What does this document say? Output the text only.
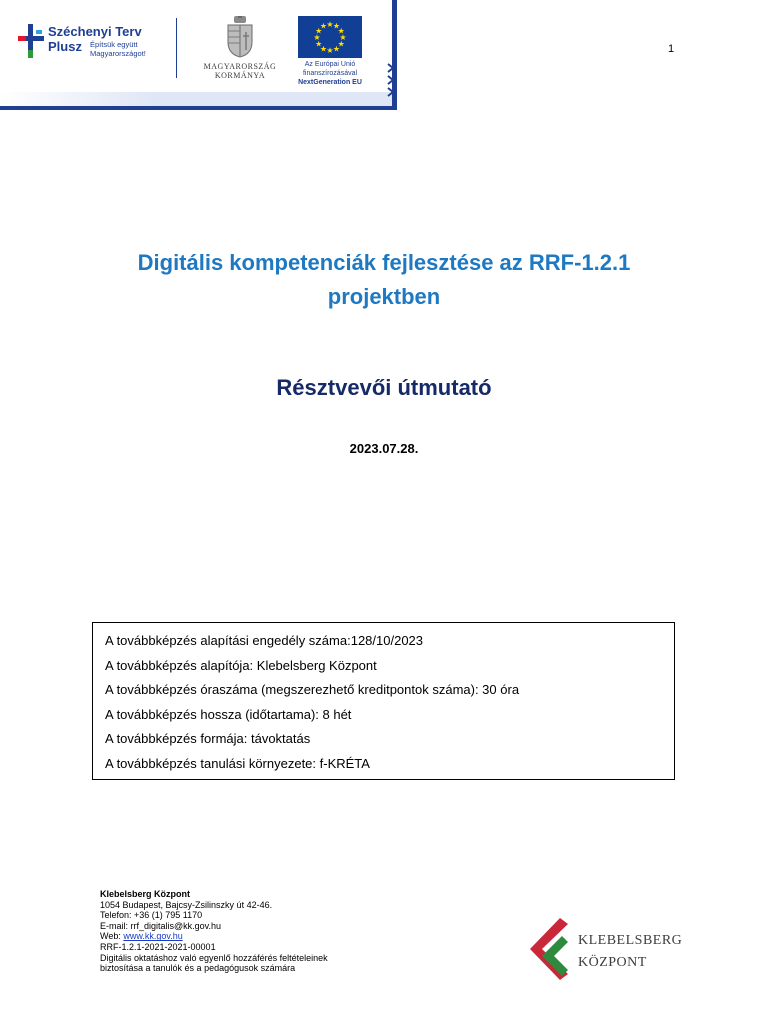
Széchenyi Terv
Plusz Építsük együtt
Magyarországot!
MAGYARORSZÁG
KORMÁNYA
★ ★
★
★
★
★
★
★
★
★
★
★
Az Európai Unió
finanszírozásával
NextGeneration EU
1
Digitális kompetenciák fejlesztése az RRF-1.2.1
projektben
Résztvevői útmutató
2023.07.28.
A továbbképzés alapítási engedély száma:128/10/2023
A továbbképzés alapítója: Klebelsberg Központ
A továbbképzés óraszáma (megszerezhető kreditpontok száma): 30 óra
A továbbképzés hossza (időtartama): 8 hét
A továbbképzés formája: távoktatás
A továbbképzés tanulási környezete: f-KRÉTA
Klebelsberg Központ
1054 Budapest, Bajcsy-Zsilinszky út 42-46.
Telefon: +36 (1) 795 1170
E-mail: rrf_digitalis@kk.gov.hu
Web: www.kk.gov.hu
RRF-1.2.1-2021-2021-00001
Digitális oktatáshoz való egyenlő hozzáférés feltételeinek
biztosítása a tanulók és a pedagógusok számára
KLEBELSBERG
KÖZPONT
